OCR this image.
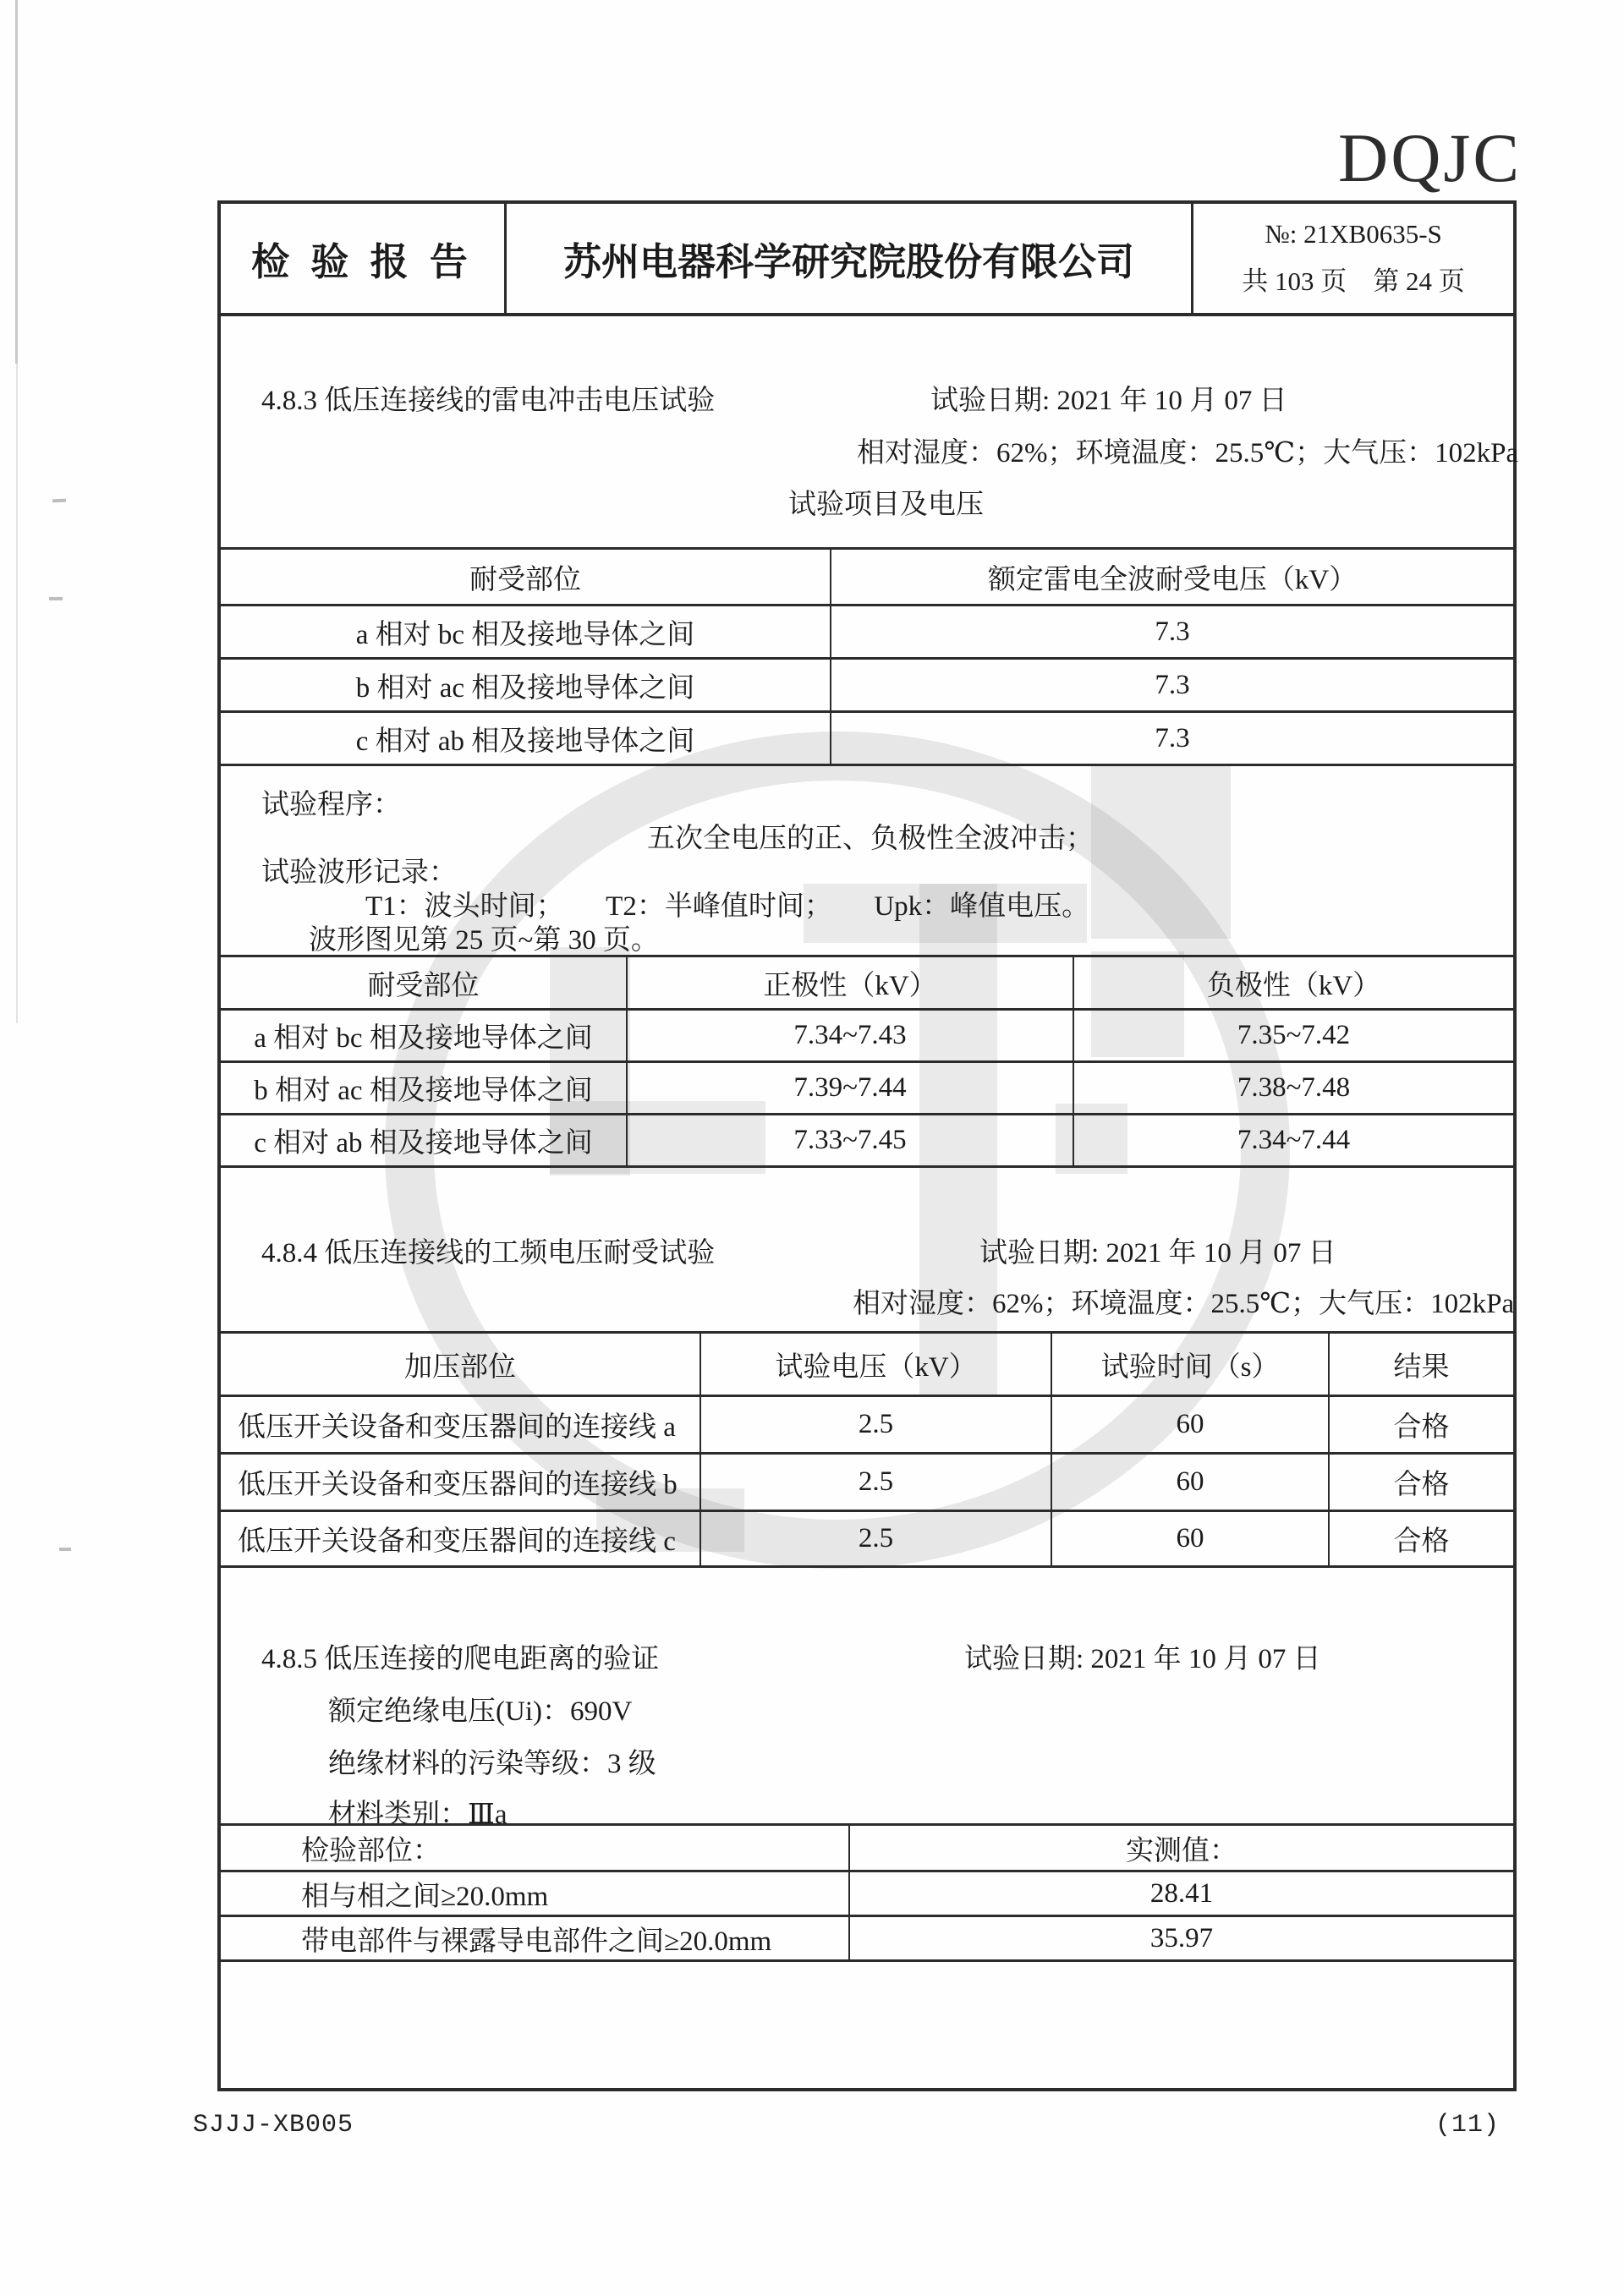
DQJC
检 验 报 告	苏州电器科学研究院股份有限公司
№: 21XB0635-S
共 103 页　第 24 页
4.8.3 低压连接线的雷电冲击电压试验	试验日期: 2021 年 10 月 07 日
相对湿度：62%；环境温度：25.5℃；大气压：102kPa
试验项目及电压
耐受部位	额定雷电全波耐受电压（kV）
a 相对 bc 相及接地导体之间	7.3
b 相对 ac 相及接地导体之间	7.3
c 相对 ab 相及接地导体之间	7.3
试验程序：
五次全电压的正、负极性全波冲击；
试验波形记录：
T1：波头时间；　　T2：半峰值时间；　　Upk：峰值电压。
波形图见第 25 页~第 30 页。
耐受部位	正极性（kV）	负极性（kV）
a 相对 bc 相及接地导体之间	7.34~7.43	7.35~7.42
b 相对 ac 相及接地导体之间	7.39~7.44	7.38~7.48
c 相对 ab 相及接地导体之间	7.33~7.45	7.34~7.44
4.8.4 低压连接线的工频电压耐受试验	试验日期: 2021 年 10 月 07 日
相对湿度：62%；环境温度：25.5℃；大气压：102kPa
加压部位	试验电压（kV）	试验时间（s）	结果
低压开关设备和变压器间的连接线 a	2.5	60	合格
低压开关设备和变压器间的连接线 b	2.5	60	合格
低压开关设备和变压器间的连接线 c	2.5	60	合格
4.8.5 低压连接的爬电距离的验证	试验日期: 2021 年 10 月 07 日
额定绝缘电压(Ui)：690V
绝缘材料的污染等级：3 级
材料类别：Ⅲa
检验部位：	实测值：
相与相之间≥20.0mm	28.41
带电部件与裸露导电部件之间≥20.0mm	35.97
SJJJ-XB005	(11)
